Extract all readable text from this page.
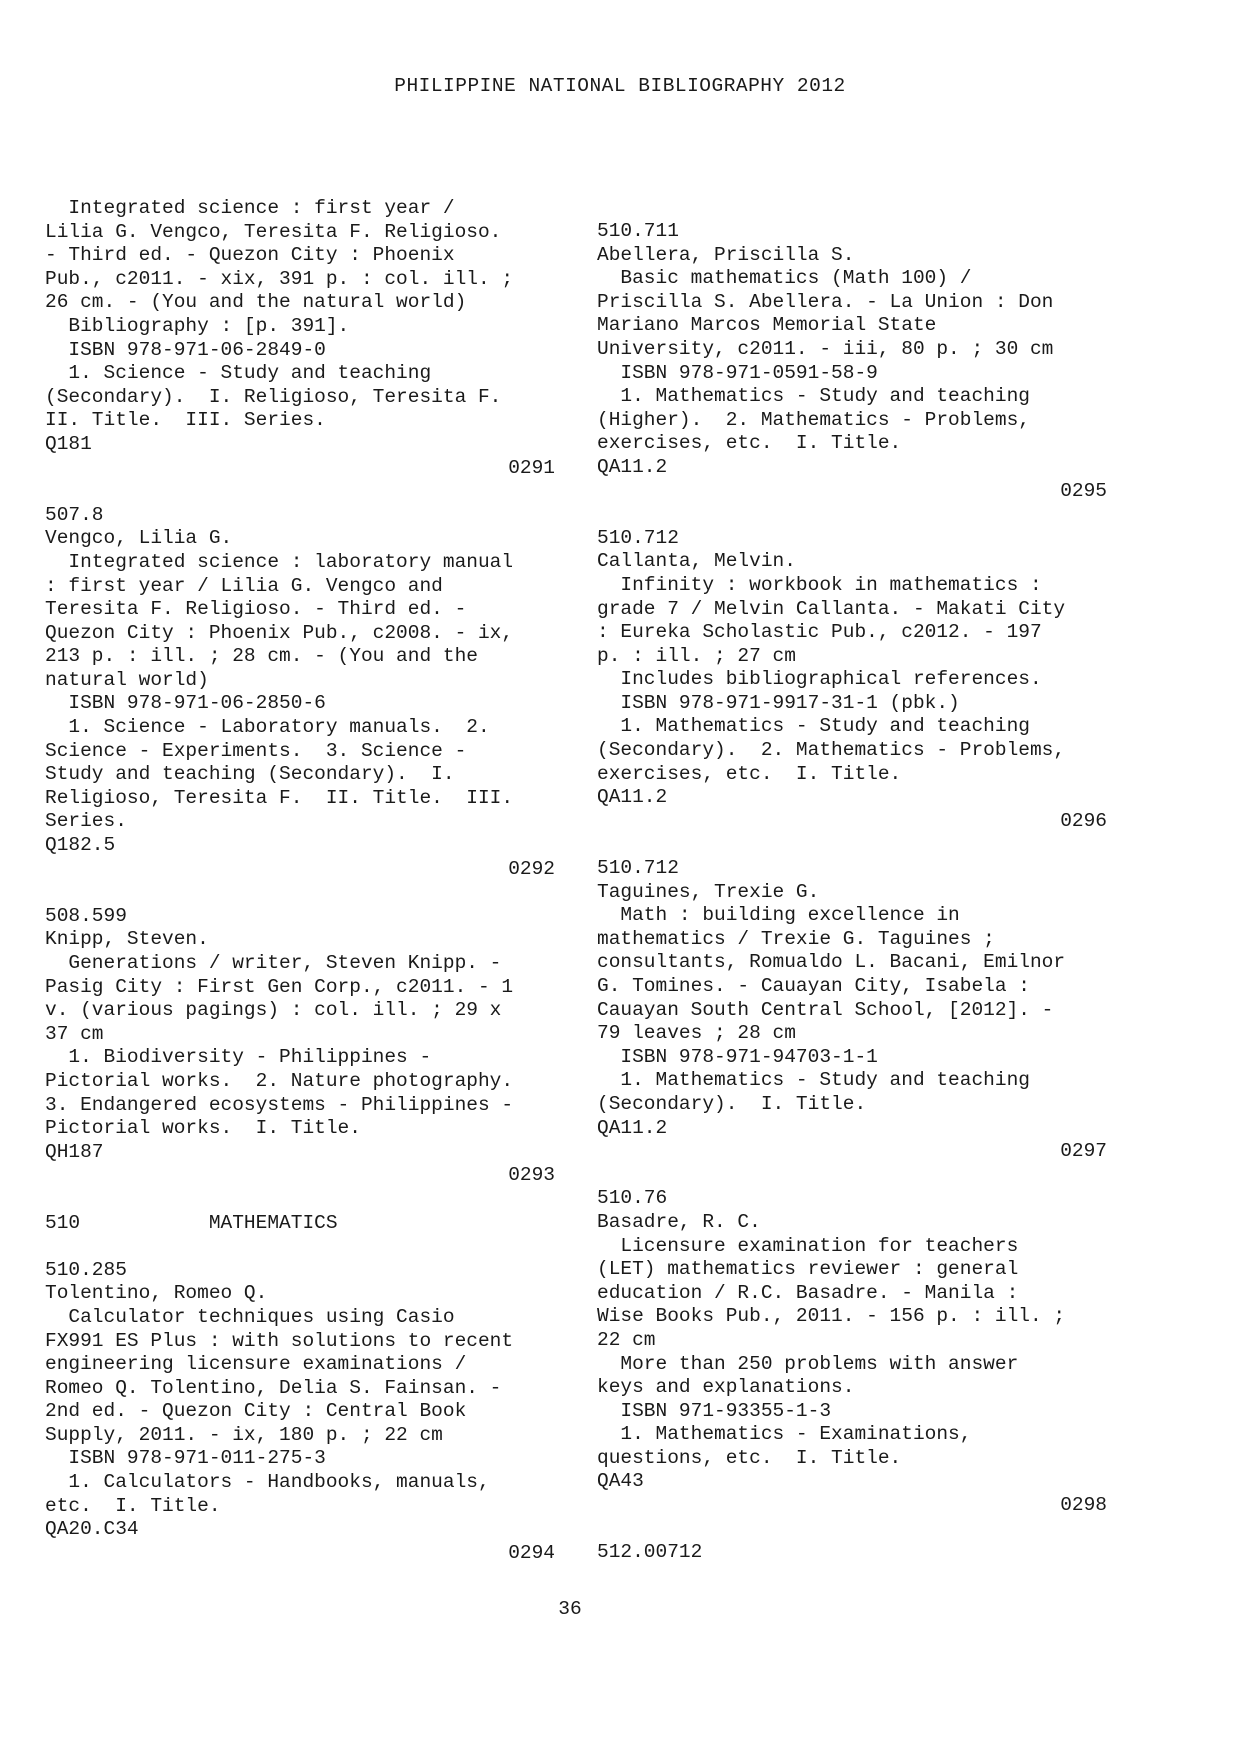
PHILIPPINE NATIONAL BIBLIOGRAPHY 2012
Integrated science : first year /
Lilia G. Vengco, Teresita F. Religioso.
- Third ed. - Quezon City : Phoenix
Pub., c2011. - xix, 391 p. : col. ill. ;
26 cm. - (You and the natural world)
Bibliography : [p. 391].
ISBN 978-971-06-2849-0
1. Science - Study and teaching
(Secondary).  I. Religioso, Teresita F.
II. Title.  III. Series.
Q181
0291
507.8
Vengco, Lilia G.
Integrated science : laboratory manual
: first year / Lilia G. Vengco and
Teresita F. Religioso. - Third ed. -
Quezon City : Phoenix Pub., c2008. - ix,
213 p. : ill. ; 28 cm. - (You and the
natural world)
ISBN 978-971-06-2850-6
1. Science - Laboratory manuals.  2.
Science - Experiments.  3. Science -
Study and teaching (Secondary).  I.
Religioso, Teresita F.  II. Title.  III.
Series.
Q182.5
0292
508.599
Knipp, Steven.
Generations / writer, Steven Knipp. -
Pasig City : First Gen Corp., c2011. - 1
v. (various pagings) : col. ill. ; 29 x
37 cm
1. Biodiversity - Philippines -
Pictorial works.  2. Nature photography.
3. Endangered ecosystems - Philippines -
Pictorial works.  I. Title.
QH187
0293
510           MATHEMATICS
510.285
Tolentino, Romeo Q.
Calculator techniques using Casio
FX991 ES Plus : with solutions to recent
engineering licensure examinations /
Romeo Q. Tolentino, Delia S. Fainsan. -
2nd ed. - Quezon City : Central Book
Supply, 2011. - ix, 180 p. ; 22 cm
ISBN 978-971-011-275-3
1. Calculators - Handbooks, manuals,
etc.  I. Title.
QA20.C34
0294
510.711
Abellera, Priscilla S.
Basic mathematics (Math 100) /
Priscilla S. Abellera. - La Union : Don
Mariano Marcos Memorial State
University, c2011. - iii, 80 p. ; 30 cm
ISBN 978-971-0591-58-9
1. Mathematics - Study and teaching
(Higher).  2. Mathematics - Problems,
exercises, etc.  I. Title.
QA11.2
0295
510.712
Callanta, Melvin.
Infinity : workbook in mathematics :
grade 7 / Melvin Callanta. - Makati City
: Eureka Scholastic Pub., c2012. - 197
p. : ill. ; 27 cm
Includes bibliographical references.
ISBN 978-971-9917-31-1 (pbk.)
1. Mathematics - Study and teaching
(Secondary).  2. Mathematics - Problems,
exercises, etc.  I. Title.
QA11.2
0296
510.712
Taguines, Trexie G.
Math : building excellence in
mathematics / Trexie G. Taguines ;
consultants, Romualdo L. Bacani, Emilnor
G. Tomines. - Cauayan City, Isabela :
Cauayan South Central School, [2012]. -
79 leaves ; 28 cm
ISBN 978-971-94703-1-1
1. Mathematics - Study and teaching
(Secondary).  I. Title.
QA11.2
0297
510.76
Basadre, R. C.
Licensure examination for teachers
(LET) mathematics reviewer : general
education / R.C. Basadre. - Manila :
Wise Books Pub., 2011. - 156 p. : ill. ;
22 cm
More than 250 problems with answer
keys and explanations.
ISBN 971-93355-1-3
1. Mathematics - Examinations,
questions, etc.  I. Title.
QA43
0298
512.00712
36
